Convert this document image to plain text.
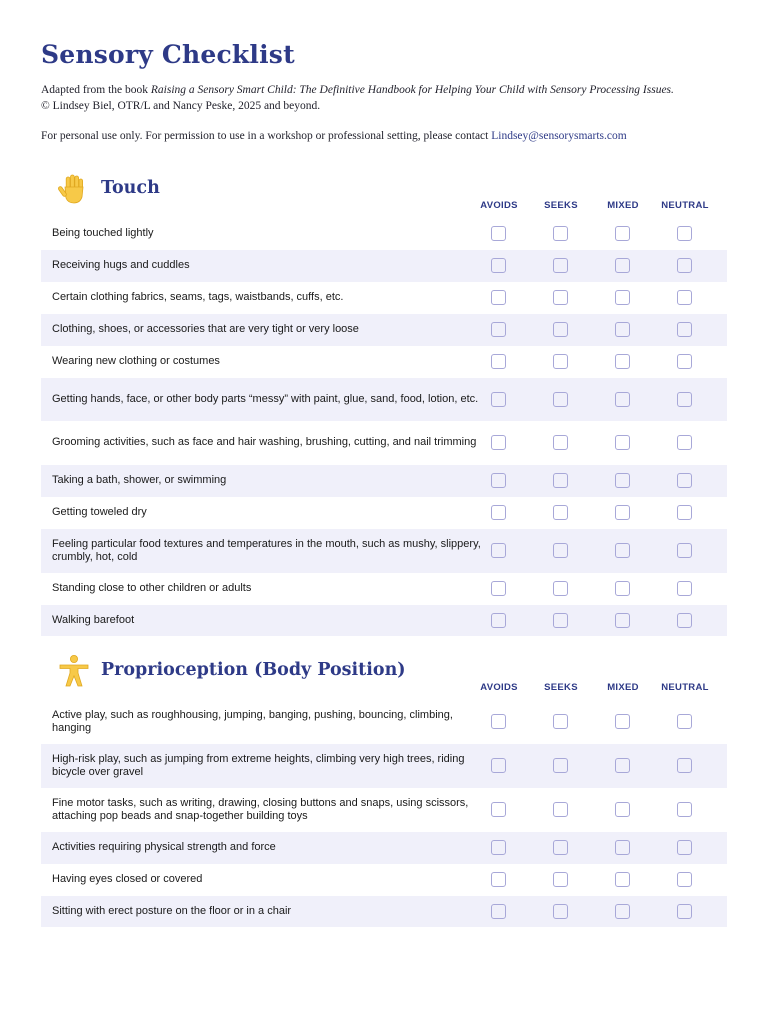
Sensory Checklist
Adapted from the book Raising a Sensory Smart Child: The Definitive Handbook for Helping Your Child with Sensory Processing Issues.
© Lindsey Biel, OTR/L and Nancy Peske, 2025 and beyond.
For personal use only. For permission to use in a workshop or professional setting, please contact Lindsey@sensorysmarts.com
Touch
AVOIDS	SEEKS	MIXED	NEUTRAL
Being touched lightly
Receiving hugs and cuddles
Certain clothing fabrics, seams, tags, waistbands, cuffs, etc.
Clothing, shoes, or accessories that are very tight or very loose
Wearing new clothing or costumes
Getting hands, face, or other body parts “messy” with paint, glue, sand, food, lotion, etc.
Grooming activities, such as face and hair washing, brushing, cutting, and nail trimming
Taking a bath, shower, or swimming
Getting toweled dry
Feeling particular food textures and temperatures in the mouth, such as mushy, slippery, crumbly, hot, cold
Standing close to other children or adults
Walking barefoot
Proprioception (Body Position)
AVOIDS	SEEKS	MIXED	NEUTRAL
Active play, such as roughhousing, jumping, banging, pushing, bouncing, climbing, hanging
High-risk play, such as jumping from extreme heights, climbing very high trees, riding bicycle over gravel
Fine motor tasks, such as writing, drawing, closing buttons and snaps, using scissors, attaching pop beads and snap-together building toys
Activities requiring physical strength and force
Having eyes closed or covered
Sitting with erect posture on the floor or in a chair
